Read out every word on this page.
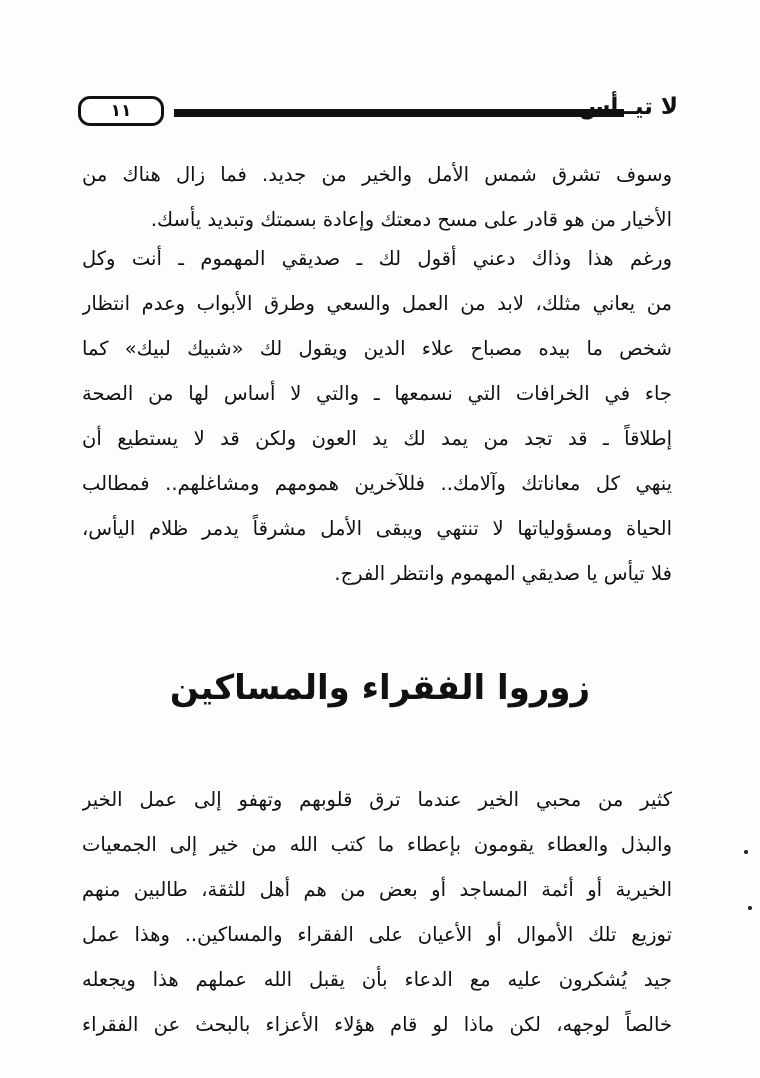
١١	لا تيــأس
وسوف تشرق شمس الأمل والخير من جديد. فما زال هناك من
الأخيار من هو قادر على مسح دمعتك وإعادة بسمتك وتبديد يأسك.
ورغم هذا وذاك دعني أقول لك ـ صديقي المهموم ـ أنت وكل
من يعاني مثلك، لابد من العمل والسعي وطرق الأبواب وعدم انتظار
شخص ما بيده مصباح علاء الدين ويقول لك «شبيك لبيك» كما
جاء في الخرافات التي نسمعها ـ والتي لا أساس لها من الصحة
إطلاقاً ـ قد تجد من يمد لك يد العون ولكن قد لا يستطيع أن
ينهي كل معاناتك وآلامك.. فللآخرين همومهم ومشاغلهم.. فمطالب
الحياة ومسؤولياتها لا تنتهي ويبقى الأمل مشرقاً يدمر ظلام اليأس،
فلا تيأس يا صديقي المهموم وانتظر الفرج.
زوروا الفقراء والمساكين
كثير من محبي الخير عندما ترق قلوبهم وتهفو إلى عمل الخير
والبذل والعطاء يقومون بإعطاء ما كتب الله من خير إلى الجمعيات
الخيرية أو أئمة المساجد أو بعض من هم أهل للثقة، طالبين منهم
توزيع تلك الأموال أو الأعيان على الفقراء والمساكين.. وهذا عمل
جيد يُشكرون عليه مع الدعاء بأن يقبل الله عملهم هذا ويجعله
خالصاً لوجهه، لكن ماذا لو قام هؤلاء الأعزاء بالبحث عن الفقراء
